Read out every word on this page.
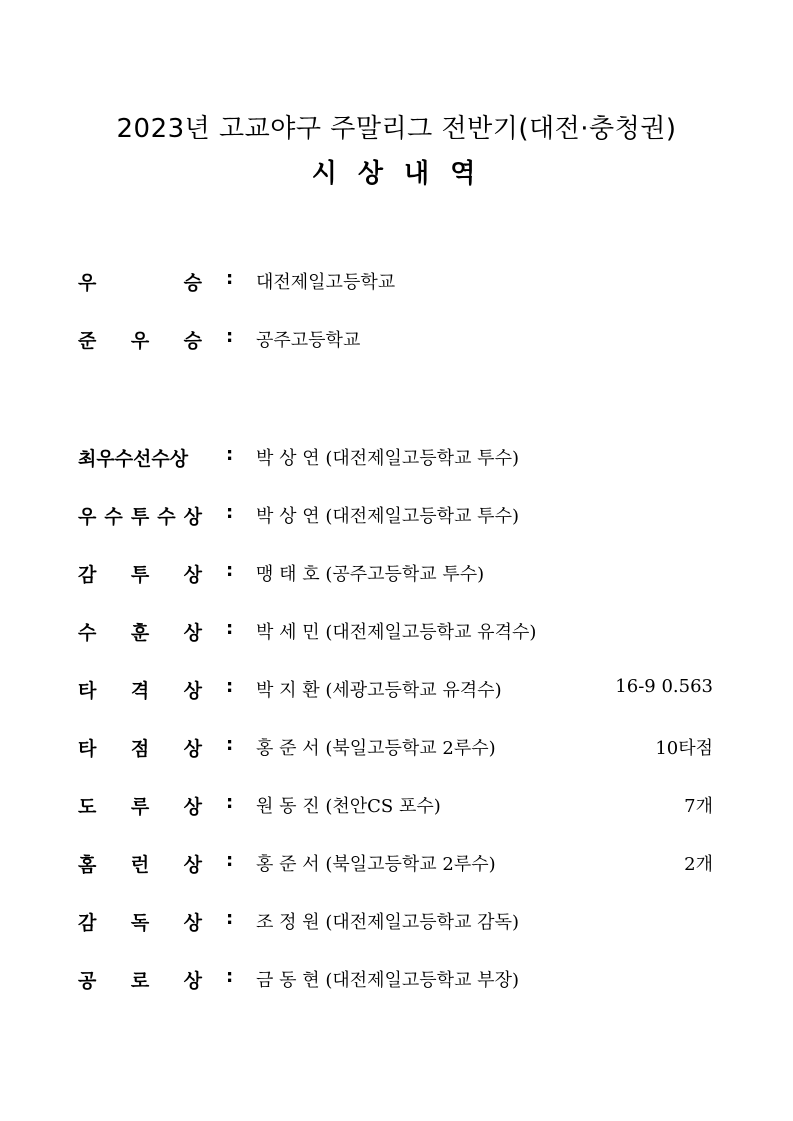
2023년 고교야구 주말리그 전반기(대전·충청권)
시 상 내 역
우	승 : 대전제일고등학교
준 우 승 : 공주고등학교
최우수선수상 : 박 상 연 (대전제일고등학교 투수)
우 수 투 수 상 : 박 상 연 (대전제일고등학교 투수)
감 투 상 : 맹 태 호 (공주고등학교 투수)
수 훈 상 : 박 세 민 (대전제일고등학교 유격수)
타 격 상 : 박 지 환 (세광고등학교 유격수)	16-9 0.563
타 점 상 : 홍 준 서 (북일고등학교 2루수)	10타점
도 루 상 : 원 동 진 (천안CS 포수)	7개
홈 런 상 : 홍 준 서 (북일고등학교 2루수)	2개
감 독 상 : 조 정 원 (대전제일고등학교 감독)
공 로 상 : 금 동 현 (대전제일고등학교 부장)
